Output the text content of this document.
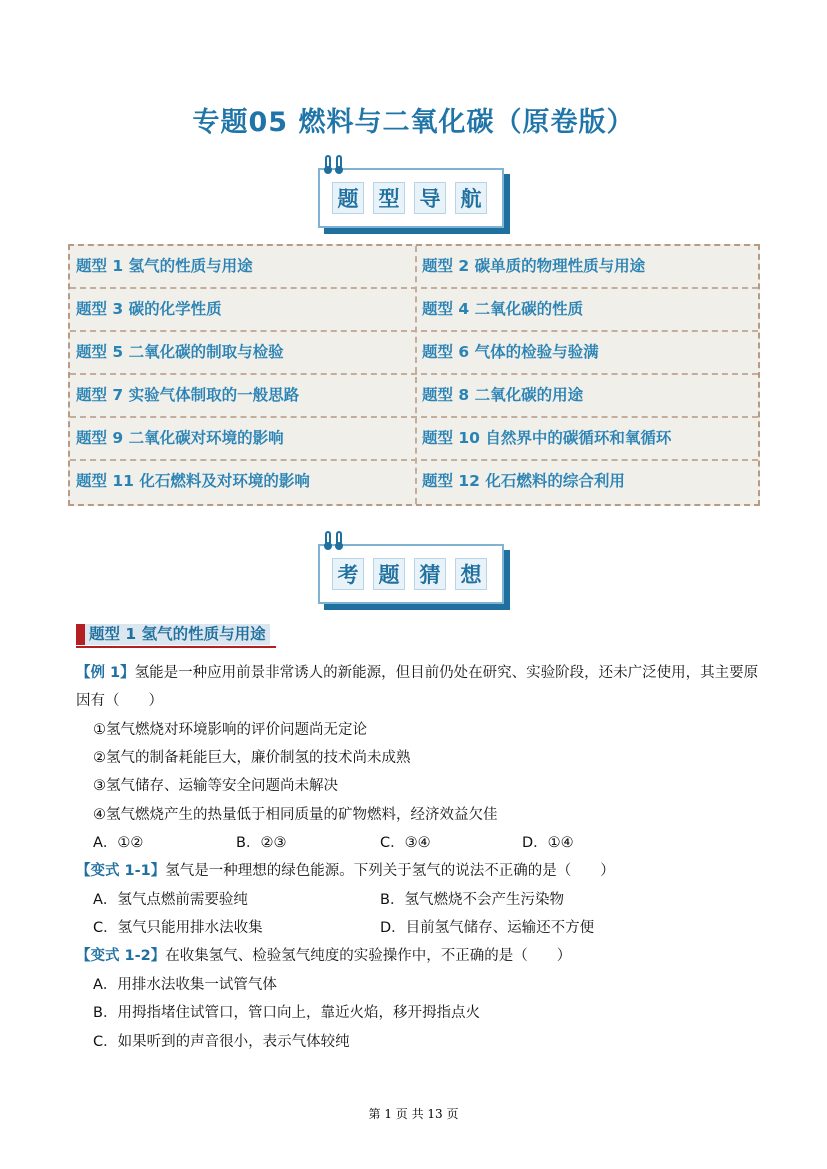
专题05 燃料与二氧化碳（原卷版）
题 型 导 航
题型 1 氢气的性质与用途	题型 2 碳单质的物理性质与用途
题型 3 碳的化学性质	题型 4 二氧化碳的性质
题型 5 二氧化碳的制取与检验	题型 6 气体的检验与验满
题型 7 实验气体制取的一般思路	题型 8 二氧化碳的用途
题型 9 二氧化碳对环境的影响	题型 10 自然界中的碳循环和氧循环
题型 11 化石燃料及对环境的影响	题型 12 化石燃料的综合利用
考 题 猜 想
题型 1 氢气的性质与用途
【例 1】氢能是一种应用前景非常诱人的新能源，但目前仍处在研究、实验阶段，还未广泛使用，其主要原
因有（　　）
①氢气燃烧对环境影响的评价问题尚无定论
②氢气的制备耗能巨大，廉价制氢的技术尚未成熟
③氢气储存、运输等安全问题尚未解决
④氢气燃烧产生的热量低于相同质量的矿物燃料，经济效益欠佳
A．①②	B．②③	C．③④	D．①④
【变式 1-1】氢气是一种理想的绿色能源。下列关于氢气的说法不正确的是（　　）
A．氢气点燃前需要验纯	B．氢气燃烧不会产生污染物
C．氢气只能用排水法收集	D．目前氢气储存、运输还不方便
【变式 1-2】在收集氢气、检验氢气纯度的实验操作中，不正确的是（　　）
A．用排水法收集一试管气体
B．用拇指堵住试管口，管口向上，靠近火焰，移开拇指点火
C．如果听到的声音很小，表示气体较纯
第 1 页 共 13 页
